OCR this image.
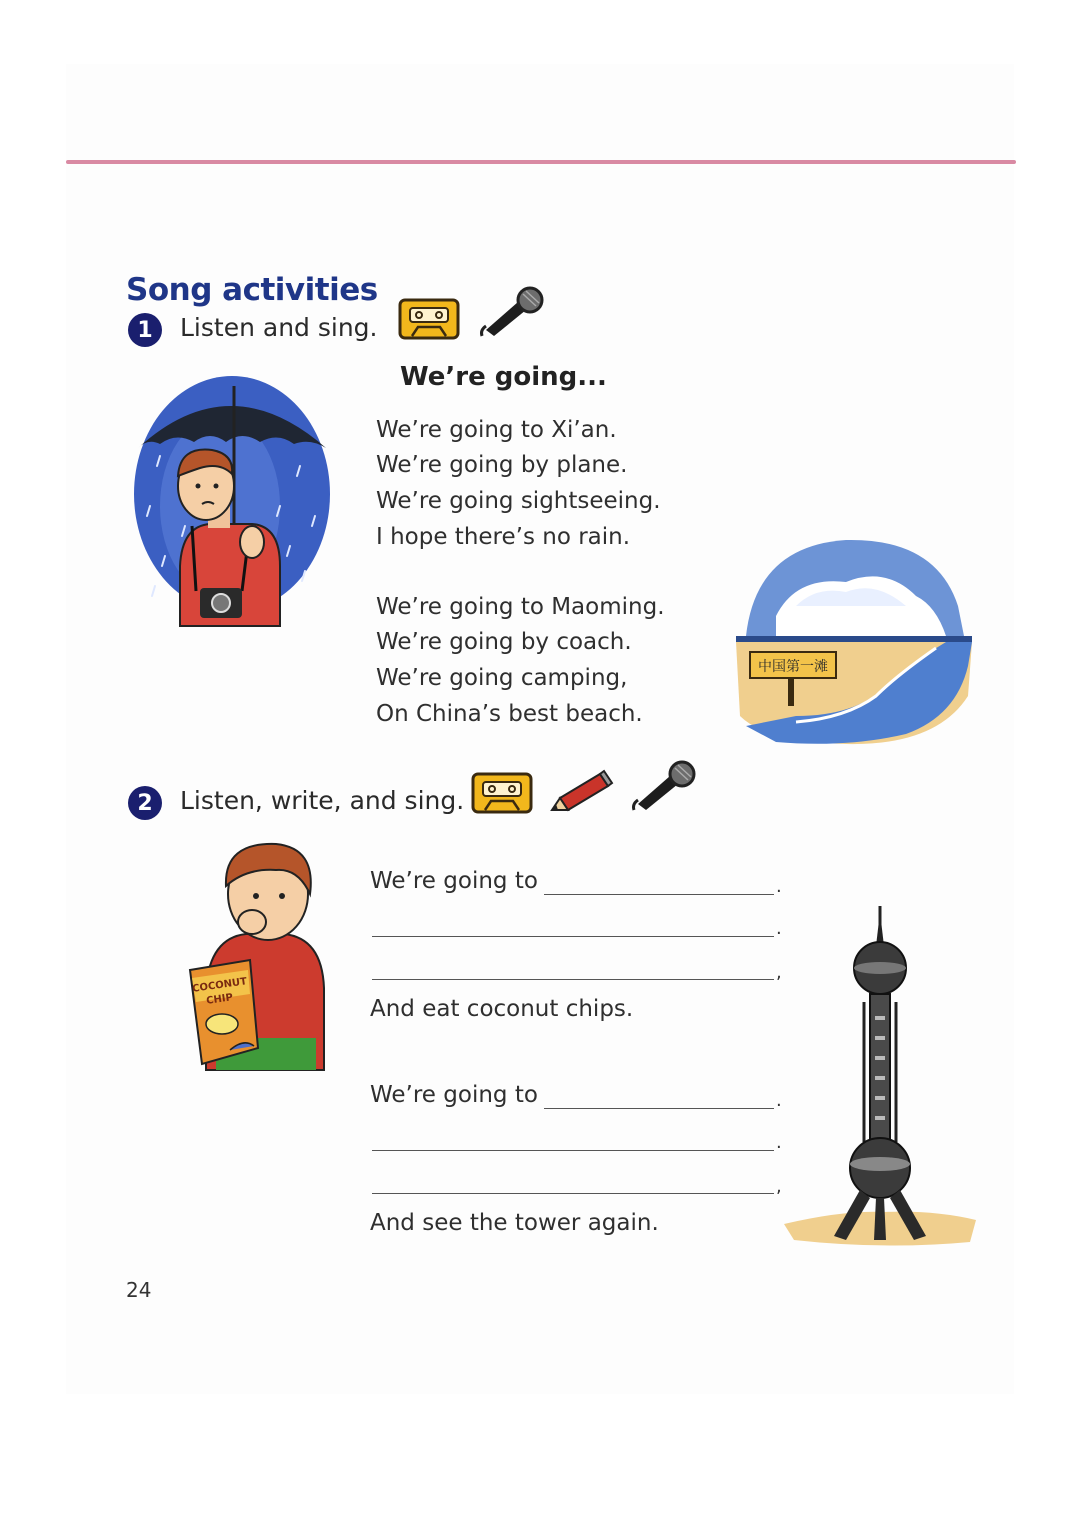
Song activities
1	Listen and sing.
We’re going...
We’re going to Xi’an.
We’re going by plane.
We’re going sightseeing.
I hope there’s no rain.
We’re going to Maoming.
We’re going by coach.
We’re going camping,
On China’s best beach.
中国第一滩
2	Listen, write, and sing.
COCONUT
CHIP
We’re going to	.
.
,
And eat coconut chips.
We’re going to	.
.
,
And see the tower again.
24
